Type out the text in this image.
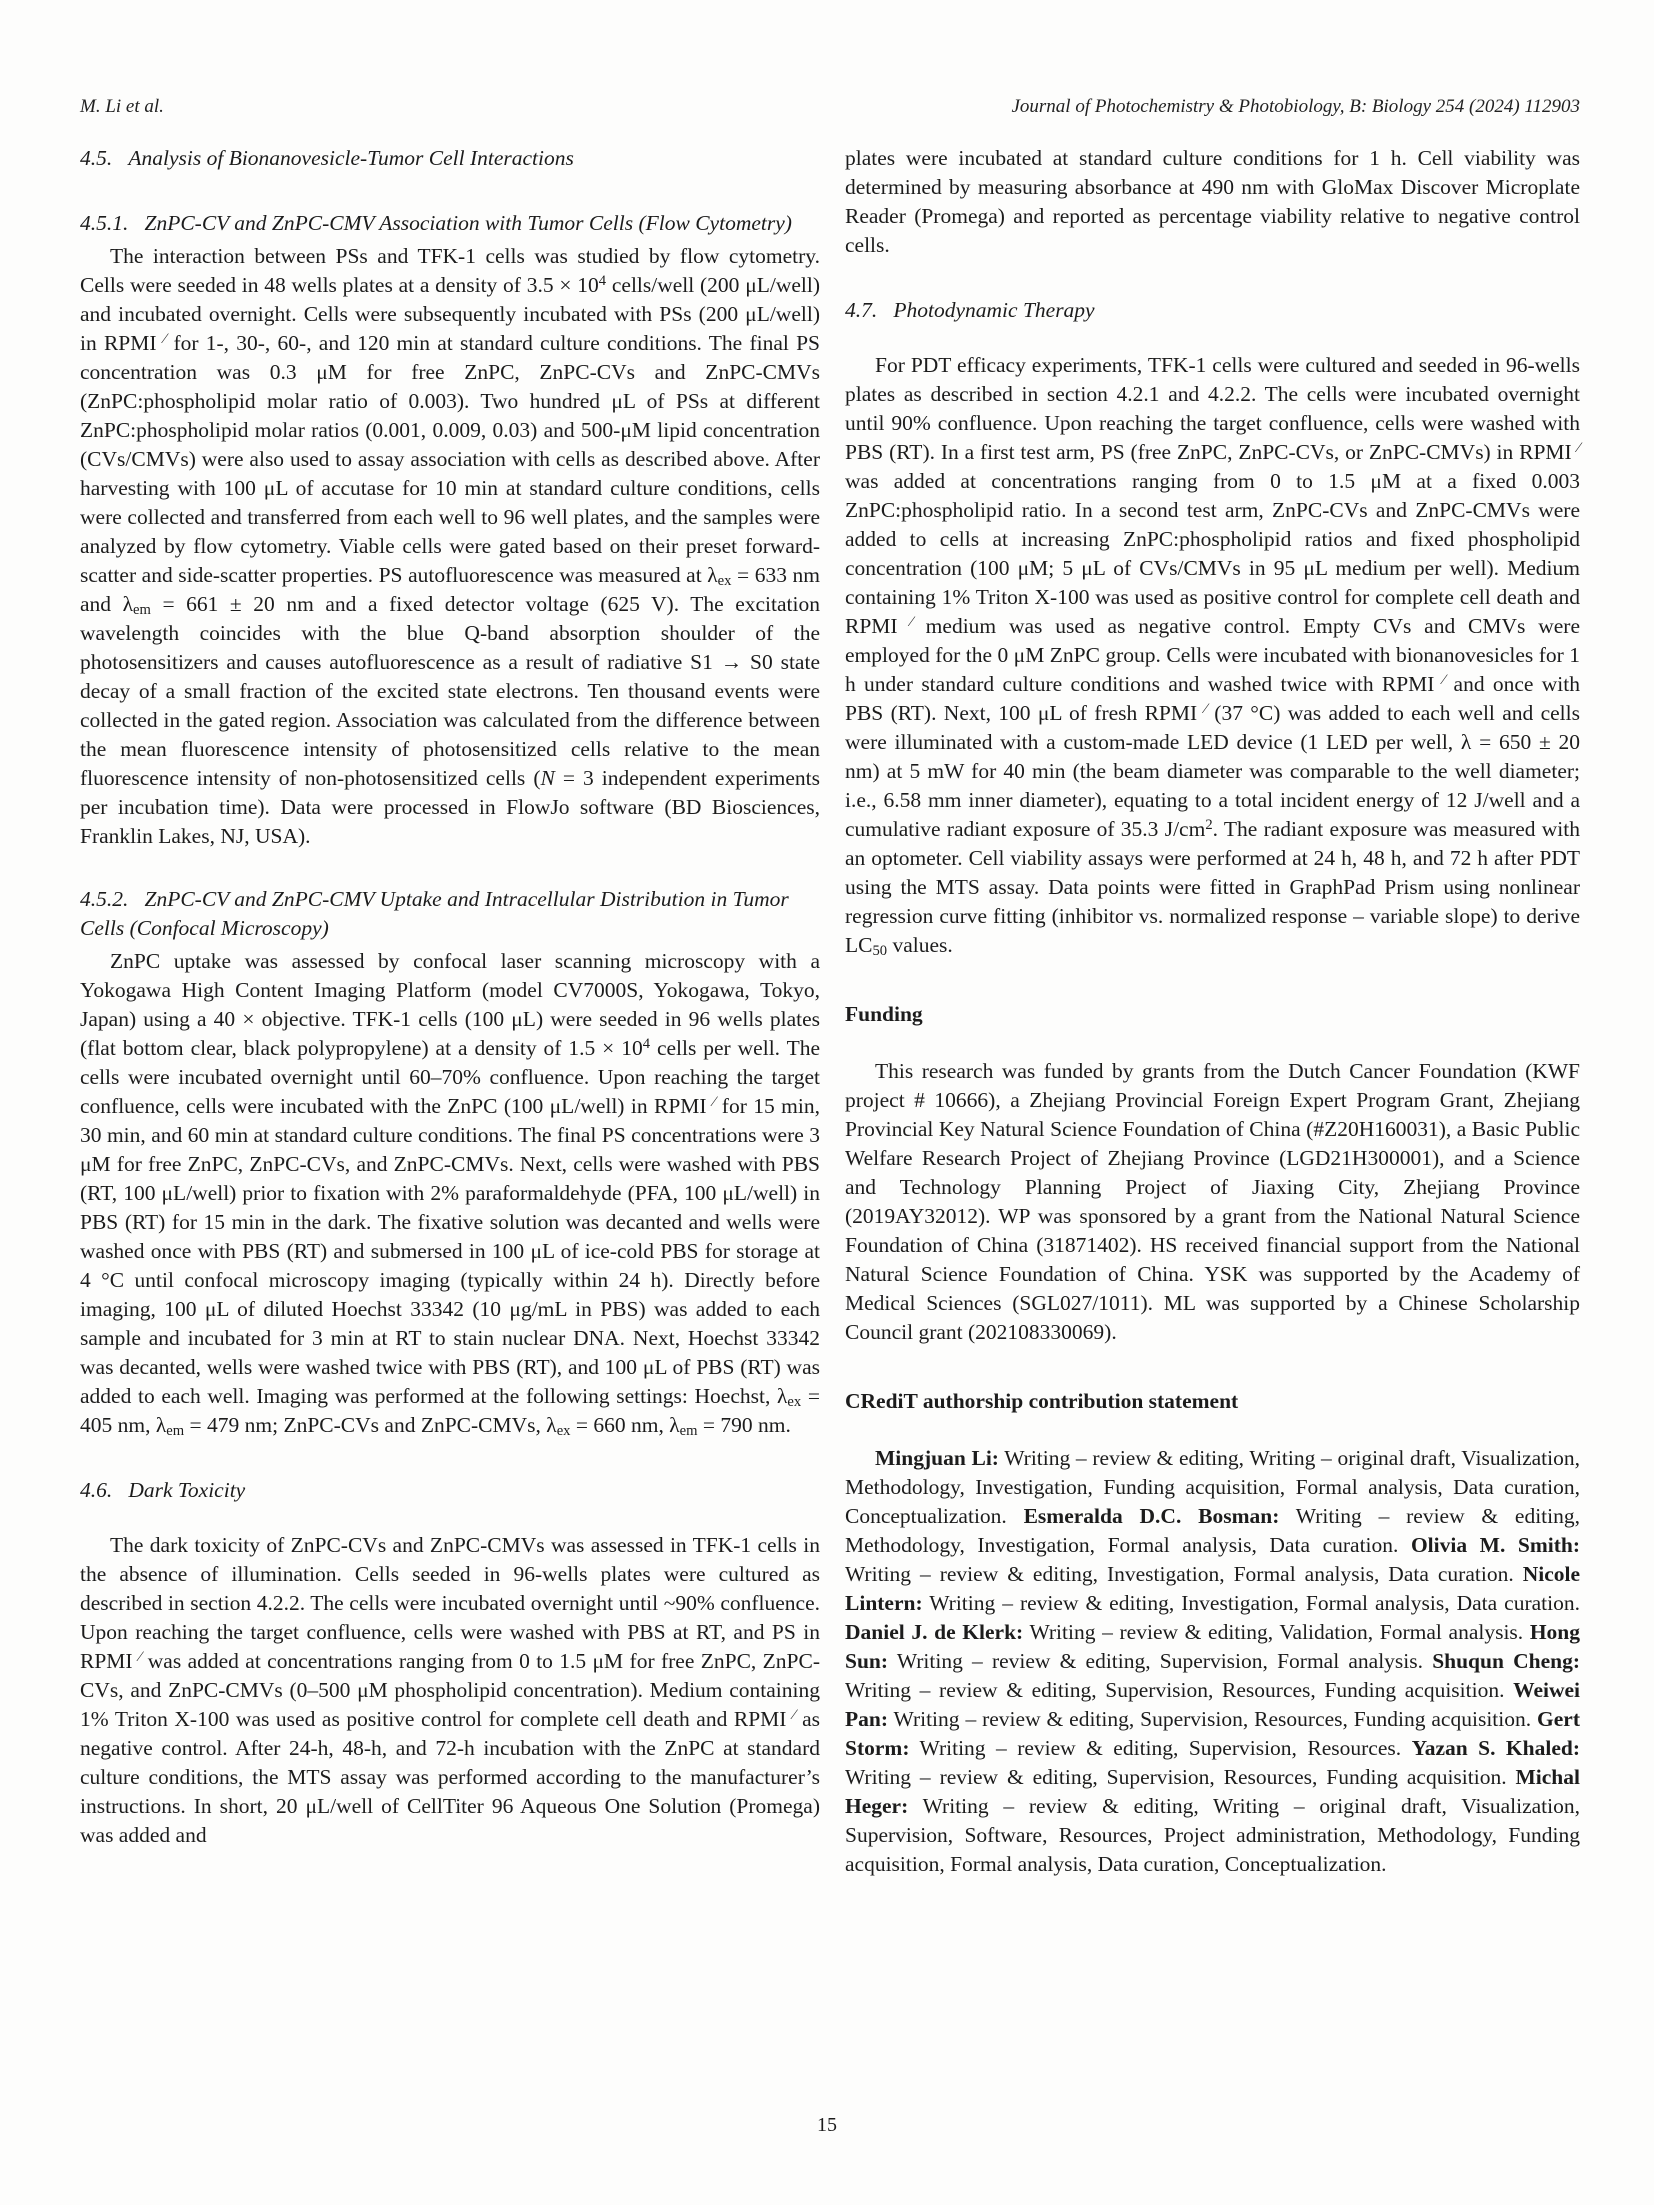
M. Li et al.	Journal of Photochemistry & Photobiology, B: Biology 254 (2024) 112903
4.5. Analysis of Bionanovesicle-Tumor Cell Interactions
4.5.1. ZnPC-CV and ZnPC-CMV Association with Tumor Cells (Flow Cytometry)

The interaction between PSs and TFK-1 cells was studied by flow cytometry. Cells were seeded in 48 wells plates at a density of $3.5 \times 10^4$ cells/well (200 μL/well) and incubated overnight. Cells were subsequently incubated with PSs (200 μL/well) in RPMI ⁄ for 1-, 30-, 60-, and 120 min at standard culture conditions. The final PS concentration was 0.3 μM for free ZnPC, ZnPC-CVs and ZnPC-CMVs (ZnPC:phospholipid molar ratio of 0.003). Two hundred μL of PSs at different ZnPC:phospholipid molar ratios (0.001, 0.009, 0.03) and 500-μM lipid concentration (CVs/CMVs) were also used to assay association with cells as described above. After harvesting with 100 μL of accutase for 10 min at standard culture conditions, cells were collected and transferred from each well to 96 well plates, and the samples were analyzed by flow cytometry. Viable cells were gated based on their preset forward-scatter and side-scatter properties. PS autofluorescence was measured at $\lambda_{ex} = 633$ nm and $\lambda_{em} = 661 \pm 20$ nm and a fixed detector voltage (625 V). The excitation wavelength coincides with the blue Q-band absorption shoulder of the photosensitizers and causes autofluorescence as a result of radiative S1 → S0 state decay of a small fraction of the excited state electrons. Ten thousand events were collected in the gated region. Association was calculated from the difference between the mean fluorescence intensity of photosensitized cells relative to the mean fluorescence intensity of non-photosensitized cells (N = 3 independent experiments per incubation time). Data were processed in FlowJo software (BD Biosciences, Franklin Lakes, NJ, USA).

4.5.2. ZnPC-CV and ZnPC-CMV Uptake and Intracellular Distribution in Tumor Cells (Confocal Microscopy)

ZnPC uptake was assessed by confocal laser scanning microscopy with a Yokogawa High Content Imaging Platform (model CV7000S, Yokogawa, Tokyo, Japan) using a 40 × objective. TFK-1 cells (100 μL) were seeded in 96 wells plates (flat bottom clear, black polypropylene) at a density of $1.5 \times 10^4$ cells per well. The cells were incubated overnight until 60–70% confluence. Upon reaching the target confluence, cells were incubated with the ZnPC (100 μL/well) in RPMI ⁄ for 15 min, 30 min, and 60 min at standard culture conditions. The final PS concentrations were 3 μM for free ZnPC, ZnPC-CVs, and ZnPC-CMVs. Next, cells were washed with PBS (RT, 100 μL/well) prior to fixation with 2% paraformaldehyde (PFA, 100 μL/well) in PBS (RT) for 15 min in the dark. The fixative solution was decanted and wells were washed once with PBS (RT) and submersed in 100 μL of ice-cold PBS for storage at 4 °C until confocal microscopy imaging (typically within 24 h). Directly before imaging, 100 μL of diluted Hoechst 33342 (10 μg/mL in PBS) was added to each sample and incubated for 3 min at RT to stain nuclear DNA. Next, Hoechst 33342 was decanted, wells were washed twice with PBS (RT), and 100 μL of PBS (RT) was added to each well. Imaging was performed at the following settings: Hoechst, $\lambda_{ex} = 405$ nm, $\lambda_{em} = 479$ nm; ZnPC-CVs and ZnPC-CMVs, $\lambda_{ex} = 660$ nm, $\lambda_{em} = 790$ nm.

4.6. Dark Toxicity

The dark toxicity of ZnPC-CVs and ZnPC-CMVs was assessed in TFK-1 cells in the absence of illumination. Cells seeded in 96-wells plates were cultured as described in section 4.2.2. The cells were incubated overnight until ~90% confluence. Upon reaching the target confluence, cells were washed with PBS at RT, and PS in RPMI ⁄ was added at concentrations ranging from 0 to 1.5 μM for free ZnPC, ZnPC-CVs, and ZnPC-CMVs (0–500 μM phospholipid concentration). Medium containing 1% Triton X-100 was used as positive control for complete cell death and RPMI ⁄ as negative control. After 24-h, 48-h, and 72-h incubation with the ZnPC at standard culture conditions, the MTS assay was performed according to the manufacturer’s instructions. In short, 20 μL/well of CellTiter 96 Aqueous One Solution (Promega) was added and

plates were incubated at standard culture conditions for 1 h. Cell viability was determined by measuring absorbance at 490 nm with GloMax Discover Microplate Reader (Promega) and reported as percentage viability relative to negative control cells.

4.7. Photodynamic Therapy

For PDT efficacy experiments, TFK-1 cells were cultured and seeded in 96-wells plates as described in section 4.2.1 and 4.2.2. The cells were incubated overnight until 90% confluence. Upon reaching the target confluence, cells were washed with PBS (RT). In a first test arm, PS (free ZnPC, ZnPC-CVs, or ZnPC-CMVs) in RPMI ⁄ was added at concentrations ranging from 0 to 1.5 μM at a fixed 0.003 ZnPC:phospholipid ratio. In a second test arm, ZnPC-CVs and ZnPC-CMVs were added to cells at increasing ZnPC:phospholipid ratios and fixed phospholipid concentration (100 μM; 5 μL of CVs/CMVs in 95 μL medium per well). Medium containing 1% Triton X-100 was used as positive control for complete cell death and RPMI ⁄ medium was used as negative control. Empty CVs and CMVs were employed for the 0 μM ZnPC group. Cells were incubated with bionanovesicles for 1 h under standard culture conditions and washed twice with RPMI ⁄ and once with PBS (RT). Next, 100 μL of fresh RPMI ⁄ (37 °C) was added to each well and cells were illuminated with a custom-made LED device (1 LED per well, λ = 650 ± 20 nm) at 5 mW for 40 min (the beam diameter was comparable to the well diameter; i.e., 6.58 mm inner diameter), equating to a total incident energy of 12 J/well and a cumulative radiant exposure of 35.3 $J/cm^2$. The radiant exposure was measured with an optometer. Cell viability assays were performed at 24 h, 48 h, and 72 h after PDT using the MTS assay. Data points were fitted in GraphPad Prism using nonlinear regression curve fitting (inhibitor vs. normalized response – variable slope) to derive $LC_{50}$ values.

Funding

This research was funded by grants from the Dutch Cancer Foundation (KWF project # 10666), a Zhejiang Provincial Foreign Expert Program Grant, Zhejiang Provincial Key Natural Science Foundation of China (#Z20H160031), a Basic Public Welfare Research Project of Zhejiang Province (LGD21H300001), and a Science and Technology Planning Project of Jiaxing City, Zhejiang Province (2019AY32012). WP was sponsored by a grant from the National Natural Science Foundation of China (31871402). HS received financial support from the National Natural Science Foundation of China. YSK was supported by the Academy of Medical Sciences (SGL027/1011). ML was supported by a Chinese Scholarship Council grant (202108330069).

CRediT authorship contribution statement

Mingjuan Li: Writing – review & editing, Writing – original draft, Visualization, Methodology, Investigation, Funding acquisition, Formal analysis, Data curation, Conceptualization. Esmeralda D.C. Bosman: Writing – review & editing, Methodology, Investigation, Formal analysis, Data curation. Olivia M. Smith: Writing – review & editing, Investigation, Formal analysis, Data curation. Nicole Lintern: Writing – review & editing, Investigation, Formal analysis, Data curation. Daniel J. de Klerk: Writing – review & editing, Validation, Formal analysis. Hong Sun: Writing – review & editing, Supervision, Formal analysis. Shuqun Cheng: Writing – review & editing, Supervision, Resources, Funding acquisition. Weiwei Pan: Writing – review & editing, Supervision, Resources, Funding acquisition. Gert Storm: Writing – review & editing, Supervision, Resources. Yazan S. Khaled: Writing – review & editing, Supervision, Resources, Funding acquisition. Michal Heger: Writing – review & editing, Writing – original draft, Visualization, Supervision, Software, Resources, Project administration, Methodology, Funding acquisition, Formal analysis, Data curation, Conceptualization.

15
